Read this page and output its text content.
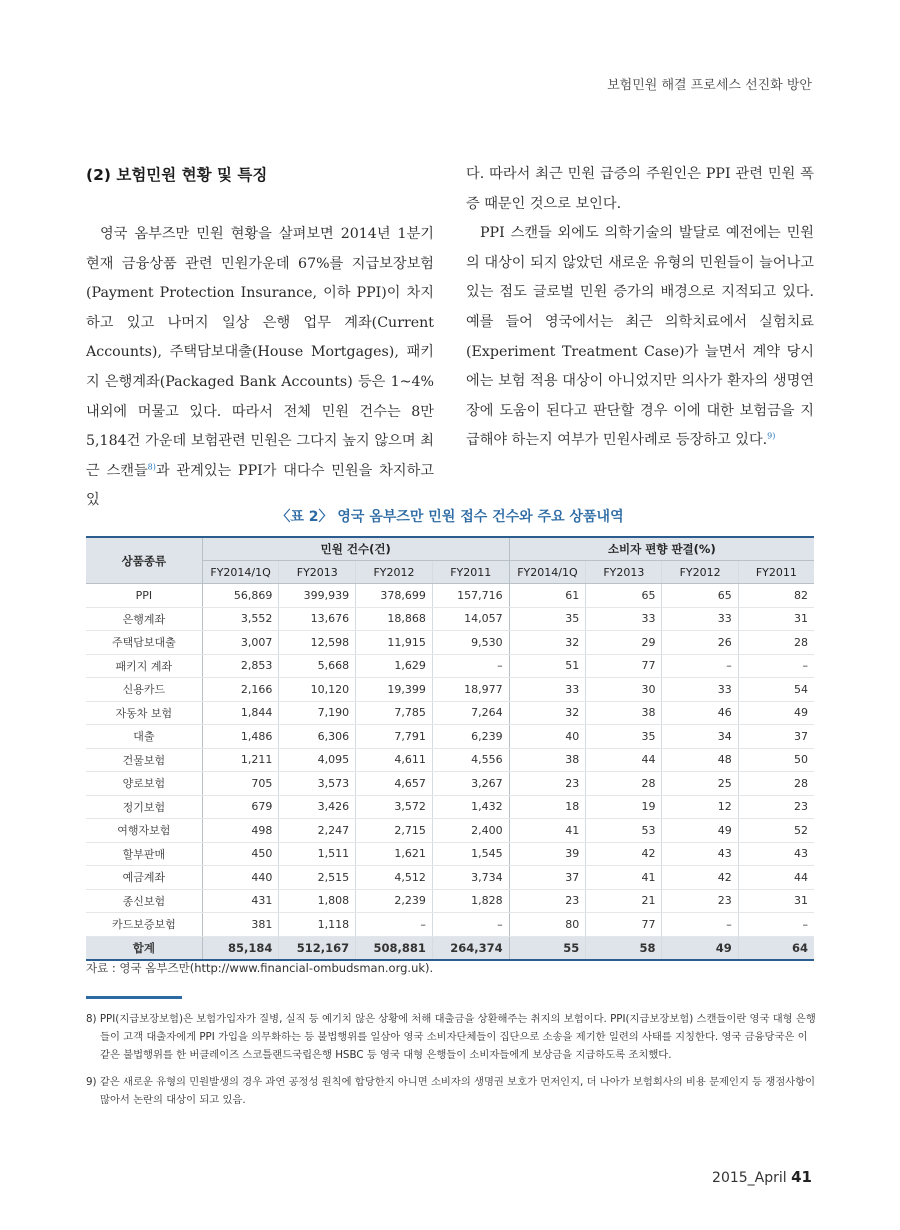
보험민원 해결 프로세스 선진화 방안
(2) 보험민원 현황 및 특징

영국 옴부즈만 민원 현황을 살펴보면 2014년 1분기 현재 금융상품 관련 민원가운데 67%를 지급보장보험(Payment Protection Insurance, 이하 PPI)이 차지하고 있고 나머지 일상 은행 업무 계좌(Current Accounts), 주택담보대출(House Mortgages), 패키지 은행계좌(Packaged Bank Accounts) 등은 1~4% 내외에 머물고 있다. 따라서 전체 민원 건수는 8만 5,184건 가운데 보험관련 민원은 그다지 높지 않으며 최근 스캔들$^{8)}$과 관계있는 PPI가 대다수 민원을 차지하고 있

다. 따라서 최근 민원 급증의 주원인은 PPI 관련 민원 폭증 때문인 것으로 보인다.

PPI 스캔들 외에도 의학기술의 발달로 예전에는 민원의 대상이 되지 않았던 새로운 유형의 민원들이 늘어나고 있는 점도 글로벌 민원 증가의 배경으로 지적되고 있다. 예를 들어 영국에서는 최근 의학치료에서 실험치료(Experiment Treatment Case)가 늘면서 계약 당시에는 보험 적용 대상이 아니었지만 의사가 환자의 생명연장에 도움이 된다고 판단할 경우 이에 대한 보험금을 지급해야 하는지 여부가 민원사례로 등장하고 있다.$^{9)}$

〈표 2〉 영국 옴부즈만 민원 접수 건수와 주요 상품내역
상품종류	민원 건수(건)				소비자 편향 판결(%)			
	FY2014/1Q	FY2013	FY2012	FY2011	FY2014/1Q	FY2013	FY2012	FY2011
PPI	56,869	399,939	378,699	157,716	61	65	65	82
은행계좌	3,552	13,676	18,868	14,057	35	33	33	31
주택담보대출	3,007	12,598	11,915	9,530	32	29	26	28
패키지 계좌	2,853	5,668	1,629	–	51	77	–	–
신용카드	2,166	10,120	19,399	18,977	33	30	33	54
자동차 보험	1,844	7,190	7,785	7,264	32	38	46	49
대출	1,486	6,306	7,791	6,239	40	35	34	37
건물보험	1,211	4,095	4,611	4,556	38	44	48	50
양로보험	705	3,573	4,657	3,267	23	28	25	28
정기보험	679	3,426	3,572	1,432	18	19	12	23
여행자보험	498	2,247	2,715	2,400	41	53	49	52
할부판매	450	1,511	1,621	1,545	39	42	43	43
예금계좌	440	2,515	4,512	3,734	37	41	42	44
종신보험	431	1,808	2,239	1,828	23	21	23	31
카드보증보험	381	1,118	–	–	80	77	–	–
합계	85,184	512,167	508,881	264,374	55	58	49	64
자료 : 영국 옴부즈만(http://www.financial-ombudsman.org.uk).

8) PPI(지급보장보험)은 보험가입자가 질병, 실직 등 예기치 않은 상황에 처해 대출금을 상환해주는 취지의 보험이다. PPI(지급보장보험) 스캔들이란 영국 대형 은행들이 고객 대출자에게 PPI 가입을 의무화하는 등 불법행위를 일삼아 영국 소비자단체들이 집단으로 소송을 제기한 일련의 사태를 지칭한다. 영국 금융당국은 이 같은 불법행위를 한 버클레이즈 스코틀랜드국립은행 HSBC 등 영국 대형 은행들이 소비자들에게 보상금을 지급하도록 조치했다.

9) 같은 새로운 유형의 민원발생의 경우 과연 공정성 원칙에 합당한지 아니면 소비자의 생명권 보호가 먼저인지, 더 나아가 보험회사의 비용 문제인지 등 쟁점사항이 많아서 논란의 대상이 되고 있음.

2015_April 41
